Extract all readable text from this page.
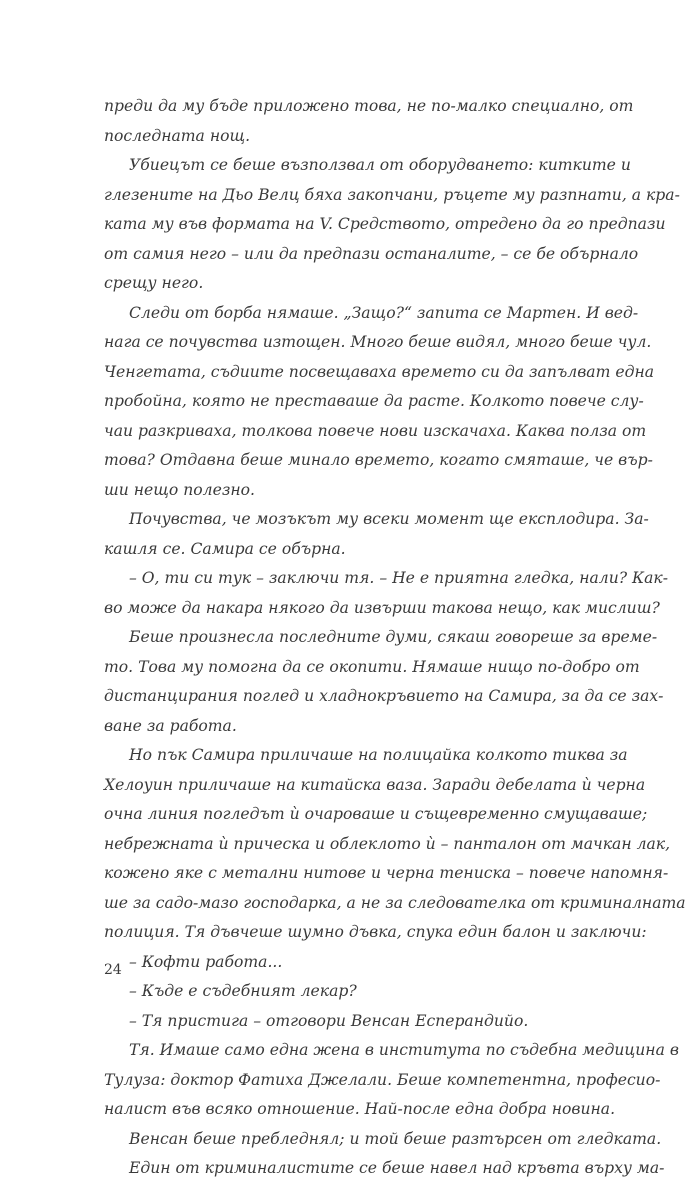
преди да му бъде приложено това, не по-малко специално, от
последната нощ.
Убиецът се беше възползвал от оборудването: китките и
глезените на Дьо Велц бяха закопчани, ръцете му разпнати, а кра-
ката му във формата на V. Средството, отредено да го предпази
от самия него – или да предпази останалите, – се бе обърнало
срещу него.
Следи от борба нямаше. „Защо?“ запита се Мартен. И вед-
нага се почувства изтощен. Много беше видял, много беше чул.
Ченгетата, съдиите посвещаваха времето си да запълват една
пробойна, която не преставаше да расте. Колкото повече слу-
чаи разкриваха, толкова повече нови изскачаха. Каква полза от
това? Отдавна беше минало времето, когато смяташе, че вър-
ши нещо полезно.
Почувства, че мозъкът му всеки момент ще експлодира. За-
кашля се. Самира се обърна.
– О, ти си тук – заключи тя. – Не е приятна гледка, нали? Как-
во може да накара някого да извърши такова нещо, как мислиш?
Беше произнесла последните думи, сякаш говореше за време-
то. Това му помогна да се окопити. Нямаше нищо по-добро от
дистанцирания поглед и хладнокръвието на Самира, за да се зах-
ване за работа.
Но пък Самира приличаше на полицайка колкото тиква за
Хелоуин приличаше на китайска ваза. Заради дебелата ѝ черна
очна линия погледът ѝ очароваше и същевременно смущаваше;
небрежната ѝ прическа и облеклото ѝ – панталон от мачкан лак,
кожено яке с метални нитове и черна тениска – повече напомня-
ше за садо-мазо господарка, а не за следователка от криминалната
полиция. Тя дъвчеше шумно дъвка, спука един балон и заключи:
– Кофти работа...
– Къде е съдебният лекар?
– Тя пристига – отговори Венсан Есперандийо.
Тя. Имаше само една жена в института по съдебна медицина в
Тулуза: доктор Фатиха Джелали. Беше компетентна, професио-
налист във всяко отношение. Най-после една добра новина.
Венсан беше пребледнял; и той беше разтърсен от гледката.
Един от криминалистите се беше навел над кръвта върху ма-
24
